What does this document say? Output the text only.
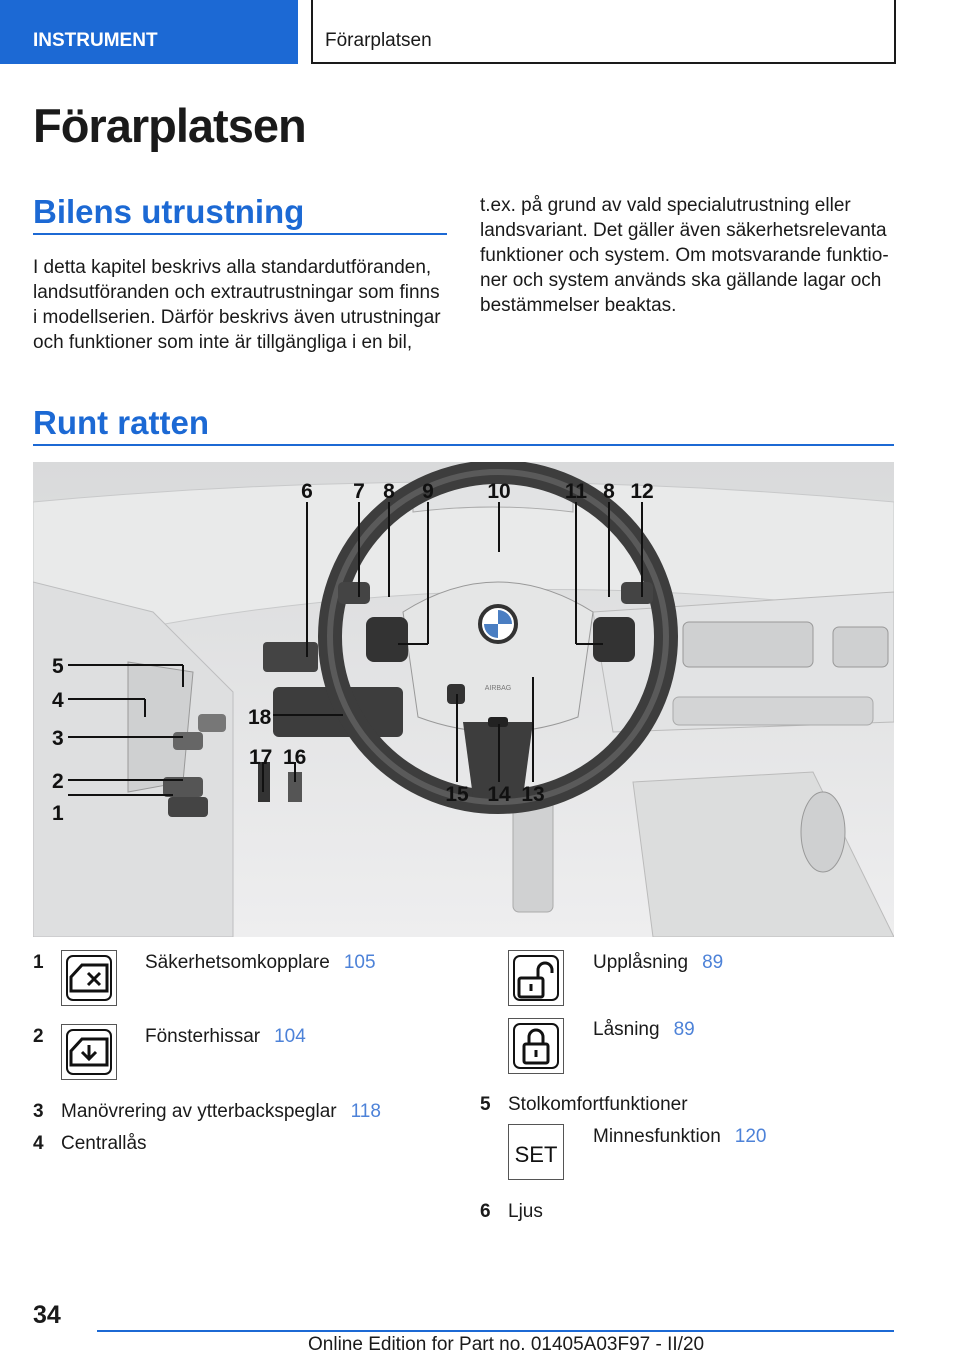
INSTRUMENT	Förarplatsen
Förarplatsen
Bilens utrustning
I detta kapitel beskrivs alla standardutföranden,
landsutföranden och extrautrustningar som finns
i modellserien. Därför beskrivs även utrustningar
och funktioner som inte är tillgängliga i en bil,
t.ex. på grund av vald specialutrustning eller
landsvariant. Det gäller även säkerhetsrelevanta
funktioner och system. Om motsvarande funktio-
ner och system används ska gällande lagar och
bestämmelser beaktas.
Runt ratten
AIRBAG
6 7 8 9	10	11 8 12
5
4
3
2
1
18
17 16
15 14 13
1	Säkerhetsomkopplare 105
2	Fönsterhissar 104
3 Manövrering av ytterbackspeglar 118
4 Centrallås
Upplåsning 89
Låsning 89
5 Stolkomfortfunktioner
SET
Minnesfunktion 120
6 Ljus
34
Online Edition for Part no. 01405A03F97 - II/20
